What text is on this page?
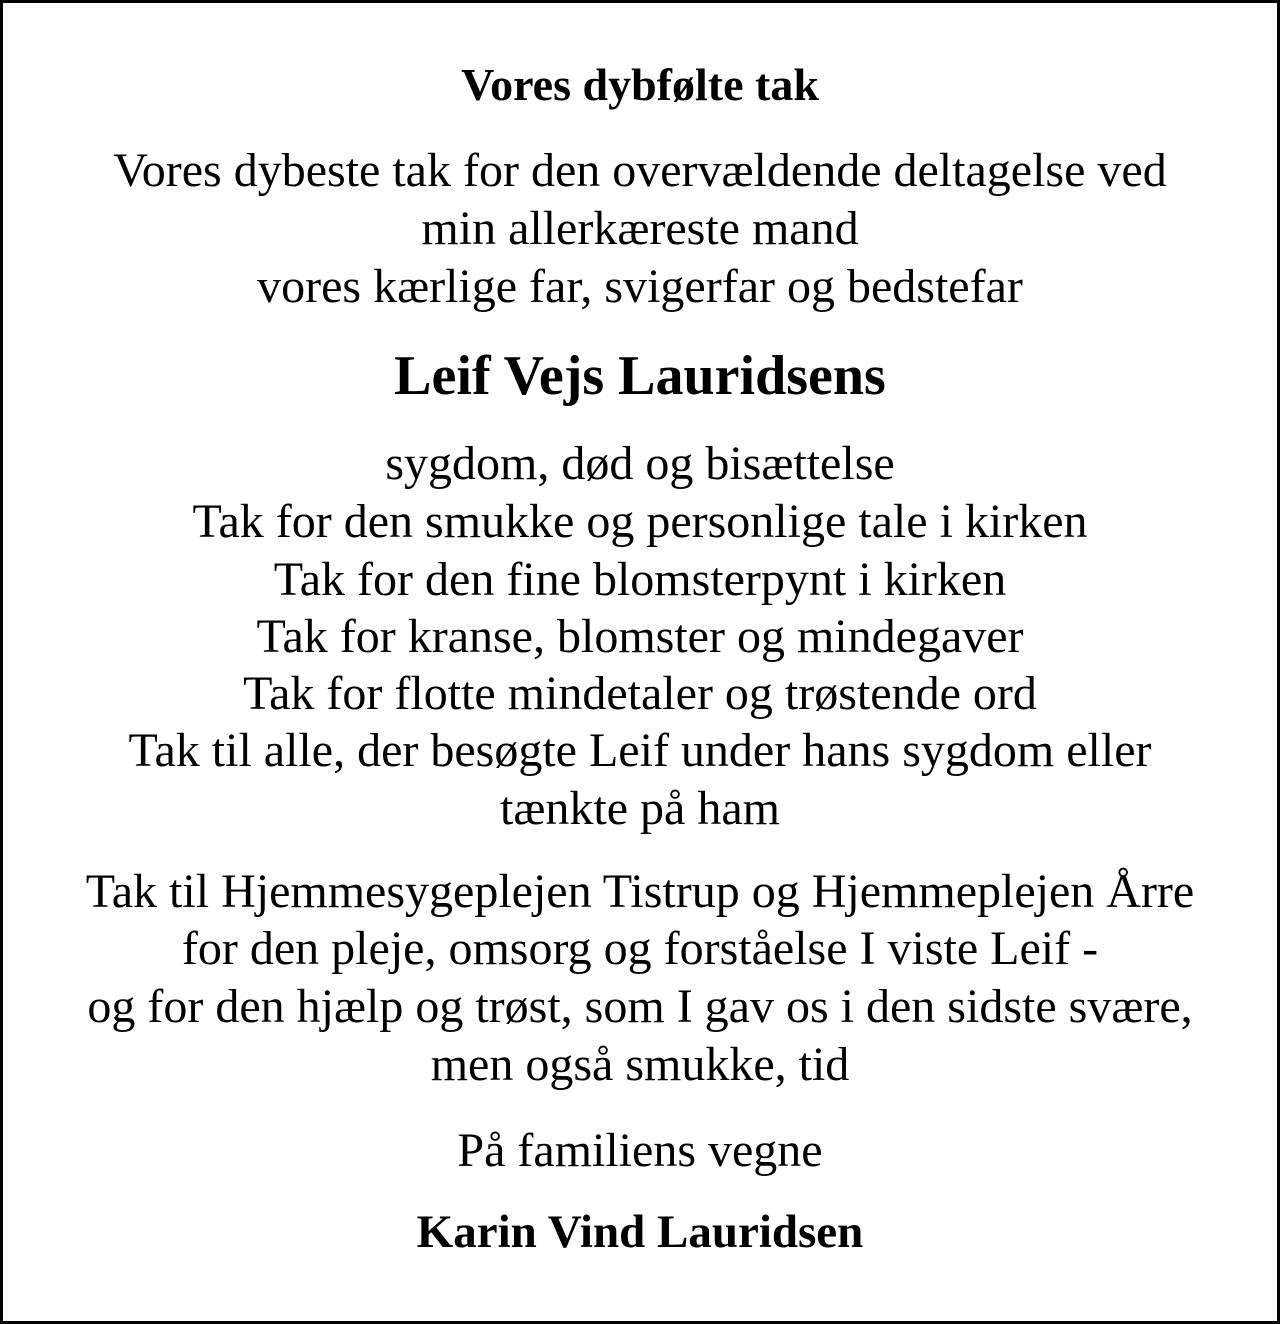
Vores dybfølte tak

Vores dybeste tak for den overvældende deltagelse ved

min allerkæreste mand

vores kærlige far, svigerfar og bedstefar

Leif Vejs Lauridsens

sygdom, død og bisættelse

Tak for den smukke og personlige tale i kirken

Tak for den fine blomsterpynt i kirken

Tak for kranse, blomster og mindegaver

Tak for flotte mindetaler og trøstende ord

Tak til alle, der besøgte Leif under hans sygdom eller

tænkte på ham

Tak til Hjemmesygeplejen Tistrup og Hjemmeplejen Årre

for den pleje, omsorg og forståelse I viste Leif -

og for den hjælp og trøst, som I gav os i den sidste svære,

men også smukke, tid

På familiens vegne

Karin Vind Lauridsen
